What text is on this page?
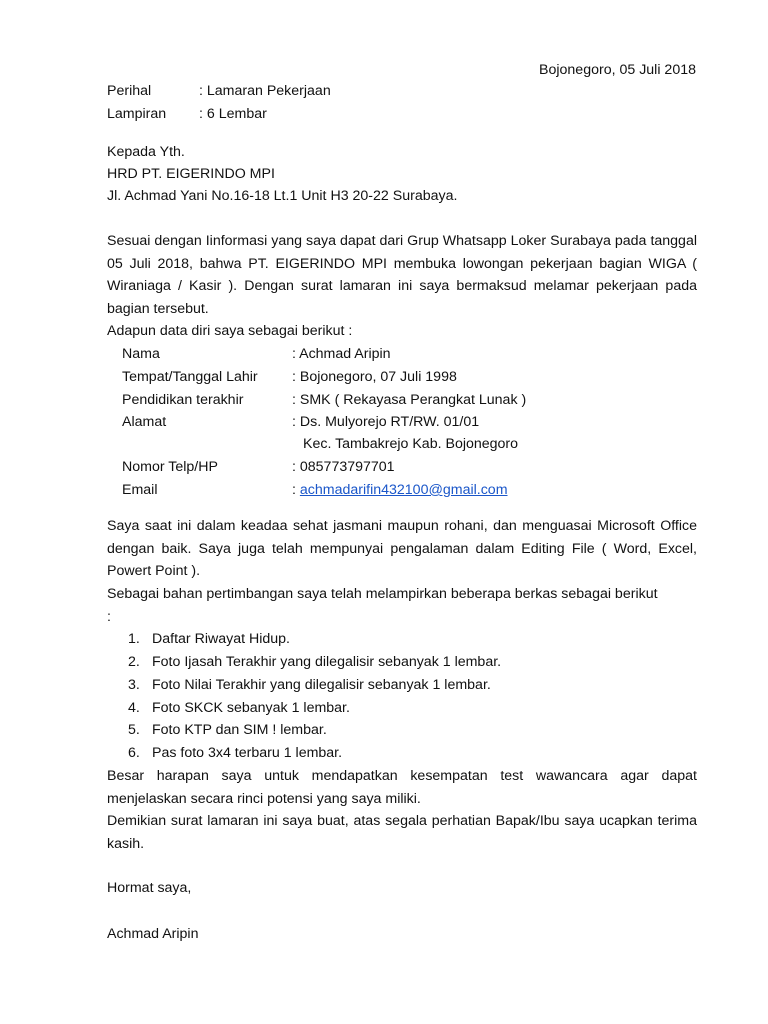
Bojonegoro, 05 Juli 2018
Perihal	: Lamaran Pekerjaan
Lampiran : 6 Lembar
Kepada Yth.
HRD PT. EIGERINDO MPI
Jl. Achmad Yani No.16-18 Lt.1 Unit H3 20-22 Surabaya.
Sesuai dengan Iinformasi yang saya dapat dari Grup Whatsapp Loker Surabaya pada tanggal 05 Juli 2018, bahwa PT. EIGERINDO MPI membuka lowongan pekerjaan bagian WIGA ( Wiraniaga / Kasir ). Dengan surat lamaran ini saya bermaksud melamar pekerjaan pada bagian tersebut.
Adapun data diri saya sebagai berikut :
Nama	: Achmad Aripin
Tempat/Tanggal Lahir : Bojonegoro, 07 Juli 1998
Pendidikan terakhir	: SMK ( Rekayasa Perangkat Lunak )
Alamat	: Ds. Mulyorejo RT/RW. 01/01
Kec. Tambakrejo Kab. Bojonegoro
Nomor Telp/HP	: 085773797701
Email	: achmadarifin432100@gmail.com
Saya saat ini dalam keadaa sehat jasmani maupun rohani, dan menguasai Microsoft Office dengan baik. Saya juga telah mempunyai pengalaman dalam Editing File ( Word, Excel, Powert Point ).
Sebagai bahan pertimbangan saya telah melampirkan beberapa berkas sebagai berikut
:
1. Daftar Riwayat Hidup.
2. Foto Ijasah Terakhir yang dilegalisir sebanyak 1 lembar.
3. Foto Nilai Terakhir yang dilegalisir sebanyak 1 lembar.
4. Foto SKCK sebanyak 1 lembar.
5. Foto KTP dan SIM ! lembar.
6. Pas foto 3x4 terbaru 1 lembar.
Besar harapan saya untuk mendapatkan kesempatan test wawancara agar dapat menjelaskan secara rinci potensi yang saya miliki.
Demikian surat lamaran ini saya buat, atas segala perhatian Bapak/Ibu saya ucapkan terima kasih.
Hormat saya,
Achmad Aripin
